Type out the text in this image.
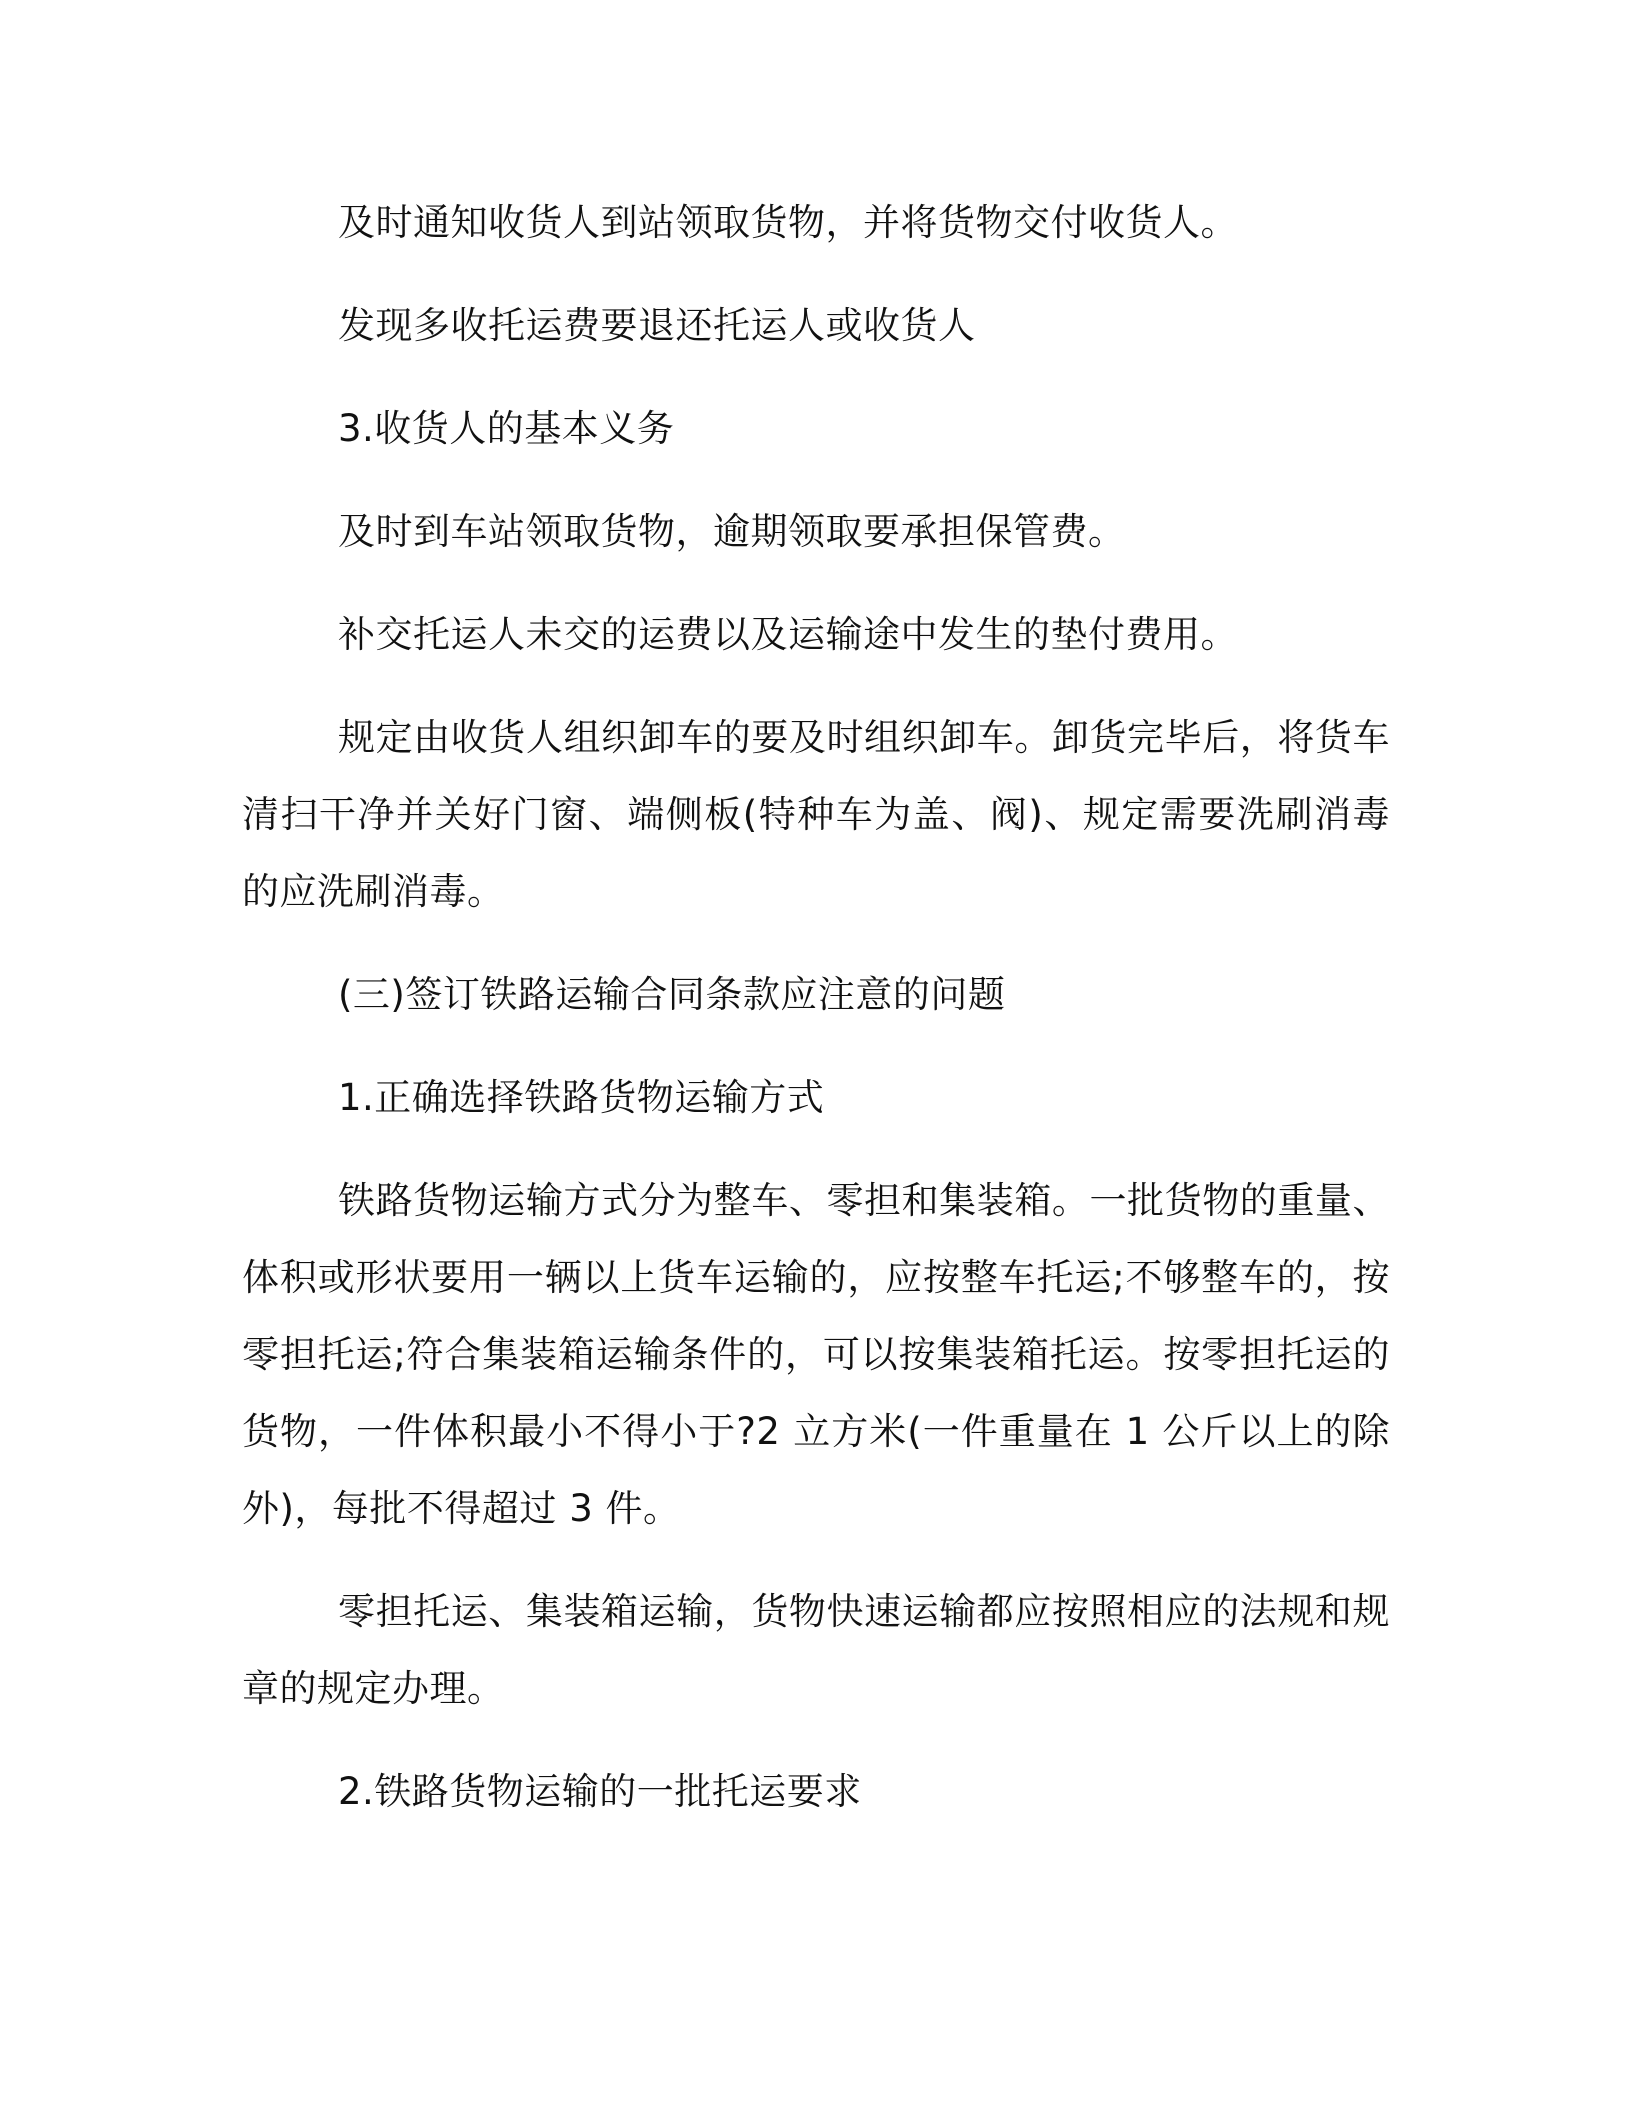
及时通知收货人到站领取货物，并将货物交付收货人。

发现多收托运费要退还托运人或收货人

3.收货人的基本义务

及时到车站领取货物，逾期领取要承担保管费。

补交托运人未交的运费以及运输途中发生的垫付费用。

规定由收货人组织卸车的要及时组织卸车。卸货完毕后，将货车清扫干净并关好门窗、端侧板(特种车为盖、阀)、规定需要洗刷消毒的应洗刷消毒。

(三)签订铁路运输合同条款应注意的问题

1.正确选择铁路货物运输方式

铁路货物运输方式分为整车、零担和集装箱。一批货物的重量、体积或形状要用一辆以上货车运输的，应按整车托运;不够整车的，按零担托运;符合集装箱运输条件的，可以按集装箱托运。按零担托运的货物，一件体积最小不得小于?2 立方米(一件重量在 1 公斤以上的除外)，每批不得超过 3 件。

零担托运、集装箱运输，货物快速运输都应按照相应的法规和规章的规定办理。

2.铁路货物运输的一批托运要求
